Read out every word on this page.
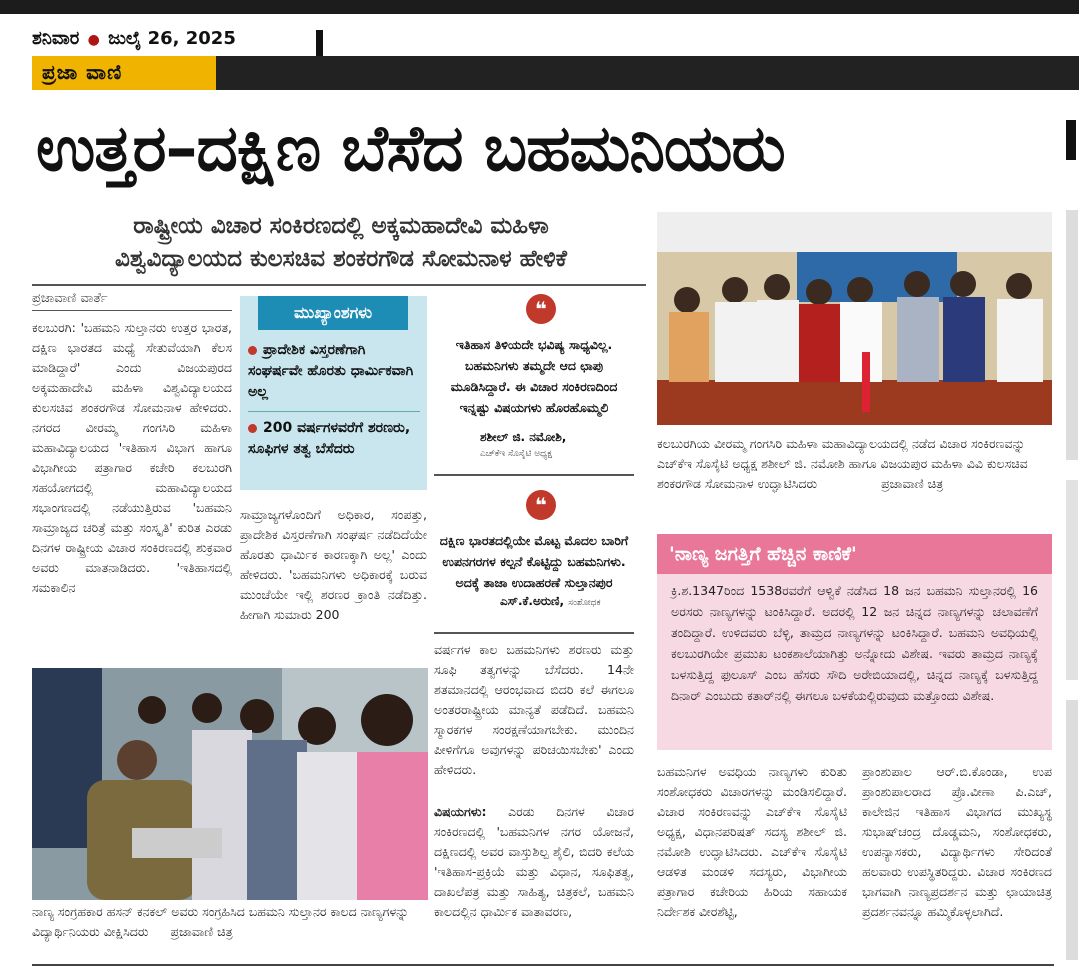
ಶನಿವಾರ ● ಜುಲೈ 26, 2025
ಪ್ರಜಾ ವಾಣಿ
ಉತ್ತರ–ದಕ್ಷಿಣ ಬೆಸೆದ ಬಹಮನಿಯರು
ರಾಷ್ಟ್ರೀಯ ವಿಚಾರ ಸಂಕಿರಣದಲ್ಲಿ ಅಕ್ಕಮಹಾದೇವಿ ಮಹಿಳಾ
ವಿಶ್ವವಿದ್ಯಾಲಯದ ಕುಲಸಚಿವ ಶಂಕರಗೌಡ ಸೋಮನಾಳ ಹೇಳಿಕೆ
ಪ್ರಜಾವಾಣಿ ವಾರ್ತೆ
ಕಲಬುರಗಿ: 'ಬಹಮನಿ ಸುಲ್ತಾನರು ಉತ್ತರ ಭಾರತ, ದಕ್ಷಿಣ ಭಾರತದ ಮಧ್ಯೆ ಸೇತುವೆಯಾಗಿ ಕೆಲಸ ಮಾಡಿದ್ದಾರೆ' ಎಂದು ವಿಜಯಪುರದ ಅಕ್ಕಮಹಾದೇವಿ ಮಹಿಳಾ ವಿಶ್ವವಿದ್ಯಾಲಯದ ಕುಲಸಚಿವ ಶಂಕರಗೌಡ ಸೋಮನಾಳ ಹೇಳಿದರು. ನಗರದ ವೀರಮ್ಮ ಗಂಗಸಿರಿ ಮಹಿಳಾ ಮಹಾವಿದ್ಯಾಲಯದ 'ಇತಿಹಾಸ ವಿಭಾಗ ಹಾಗೂ ವಿಭಾಗೀಯ ಪತ್ರಾಗಾರ ಕಚೇರಿ ಕಲಬುರಗಿ ಸಹಯೋಗದಲ್ಲಿ ಮಹಾವಿದ್ಯಾಲಯದ ಸಭಾಂಗಣದಲ್ಲಿ ನಡೆಯುತ್ತಿರುವ 'ಬಹಮನಿ ಸಾಮ್ರಾಜ್ಯದ ಚರಿತ್ರೆ ಮತ್ತು ಸಂಸ್ಕೃತಿ' ಕುರಿತ ಎರಡು ದಿನಗಳ ರಾಷ್ಟ್ರೀಯ ವಿಚಾರ ಸಂಕಿರಣದಲ್ಲಿ ಶುಕ್ರವಾರ ಅವರು ಮಾತನಾಡಿದರು. 'ಇತಿಹಾಸದಲ್ಲಿ ಸಮಕಾಲಿನ
ಮುಖ್ಯಾಂಶಗಳು
ಪ್ರಾದೇಶಿಕ ವಿಸ್ತರಣೆಗಾಗಿ ಸಂಘರ್ಷವೇ ಹೊರತು ಧಾರ್ಮಿಕವಾಗಿ ಅಲ್ಲ
200 ವರ್ಷಗಳವರೆಗೆ ಶರಣರು, ಸೂಫಿಗಳ ತತ್ವ ಬೆಸೆದರು
ಸಾಮ್ರಾಜ್ಯಗಳೊಂದಿಗೆ ಅಧಿಕಾರ, ಸಂಪತ್ತು, ಪ್ರಾದೇಶಿಕ ವಿಸ್ತರಣೆಗಾಗಿ ಸಂಘರ್ಷ ನಡೆದಿದೆಯೇ ಹೊರತು ಧಾರ್ಮಿಕ ಕಾರಣಕ್ಕಾಗಿ ಅಲ್ಲ' ಎಂದು ಹೇಳಿದರು. 'ಬಹಮನಿಗಳು ಅಧಿಕಾರಕ್ಕೆ ಬರುವ ಮುಂಚೆಯೇ ಇಲ್ಲಿ ಶರಣರ ಕ್ರಾಂತಿ ನಡೆದಿತ್ತು. ಹೀಗಾಗಿ ಸುಮಾರು 200
❝
ಇತಿಹಾಸ ತಿಳಿಯದೇ ಭವಿಷ್ಯ ಸಾಧ್ಯವಿಲ್ಲ. ಬಹಮನಿಗಳು ತಮ್ಮದೇ ಆದ ಛಾಪು ಮೂಡಿಸಿದ್ದಾರೆ. ಈ ವಿಚಾರ ಸಂಕಿರಣದಿಂದ ಇನ್ನಷ್ಟು ವಿಷಯಗಳು ಹೊರಹೊಮ್ಮಲಿ
ಶಶೀಲ್ ಜಿ. ನಮೋಶಿ,
ಎಚ್‌ಕೆಇ ಸೊಸೈಟಿ ಅಧ್ಯಕ್ಷ
❝
ದಕ್ಷಿಣ ಭಾರತದಲ್ಲಿಯೇ ಮೊಟ್ಟ ಮೊದಲ ಬಾರಿಗೆ ಉಪನಗರಗಳ ಕಲ್ಪನೆ ಕೊಟ್ಟಿದ್ದು ಬಹಮನಿಗಳು. ಅದಕ್ಕೆ ತಾಜಾ ಉದಾಹರಣೆ ಸುಲ್ತಾನಪುರ
ಎಸ್.ಕೆ.ಅರುಣಿ, ಸಂಶೋಧಕ
ವರ್ಷಗಳ ಕಾಲ ಬಹಮನಿಗಳು ಶರಣರು ಮತ್ತು ಸೂಫಿ ತತ್ವಗಳನ್ನು ಬೆಸೆದರು. 14ನೇ ಶತಮಾನದಲ್ಲಿ ಆರಂಭವಾದ ಬಿದರಿ ಕಲೆ ಈಗಲೂ ಅಂತರರಾಷ್ಟ್ರೀಯ ಮಾನ್ಯತೆ ಪಡೆದಿದೆ. ಬಹಮನಿ ಸ್ಮಾರಕಗಳ ಸಂರಕ್ಷಣೆಯಾಗಬೇಕು. ಮುಂದಿನ ಪೀಳಿಗೆಗೂ ಅವುಗಳನ್ನು ಪರಿಚಯಿಸಬೇಕು' ಎಂದು ಹೇಳಿದರು.
ವಿಷಯಗಳು: ಎರಡು ದಿನಗಳ ವಿಚಾರ ಸಂಕಿರಣದಲ್ಲಿ 'ಬಹಮನಿಗಳ ನಗರ ಯೋಜನೆ, ದಕ್ಷಿಣದಲ್ಲಿ ಅವರ ವಾಸ್ತುಶಿಲ್ಪ ಶೈಲಿ, ಬಿದರಿ ಕಲೆಯ 'ಇತಿಹಾಸ-ಪ್ರಕ್ರಿಯೆ ಮತ್ತು ವಿಧಾನ, ಸೂಫಿತತ್ವ, ದಾಖಲೆಪತ್ರ ಮತ್ತು ಸಾಹಿತ್ಯ, ಚಿತ್ರಕಲೆ, ಬಹಮನಿ ಕಾಲದಲ್ಲಿನ ಧಾರ್ಮಿಕ ವಾತಾವರಣ,
ನಾಣ್ಯ ಸಂಗ್ರಹಕಾರ ಹಸನ್ ಕನಕಲ್ ಅವರು ಸಂಗ್ರಹಿಸಿದ ಬಹಮನಿ ಸುಲ್ತಾನರ ಕಾಲದ ನಾಣ್ಯಗಳನ್ನು ವಿದ್ಯಾರ್ಥಿನಿಯರು ವೀಕ್ಷಿಸಿದರು ಪ್ರಜಾವಾಣಿ ಚಿತ್ರ
ಕಲಬುರಗಿಯ ವೀರಮ್ಮ ಗಂಗಸಿರಿ ಮಹಿಳಾ ಮಹಾವಿದ್ಯಾಲಯದಲ್ಲಿ ನಡೆದ ವಿಚಾರ ಸಂಕಿರಣವನ್ನು ಎಚ್‌ಕೆಇ ಸೊಸೈಟಿ ಅಧ್ಯಕ್ಷ ಶಶೀಲ್ ಜಿ. ನಮೋಶಿ ಹಾಗೂ ವಿಜಯಪುರ ಮಹಿಳಾ ವಿವಿ ಕುಲಸಚಿವ ಶಂಕರಗೌಡ ಸೋಮನಾಳ ಉದ್ಘಾಟಿಸಿದರು	ಪ್ರಜಾವಾಣಿ ಚಿತ್ರ
'ನಾಣ್ಯ ಜಗತ್ತಿಗೆ ಹೆಚ್ಚಿನ ಕಾಣಿಕೆ'
ಕ್ರಿ.ಶ.1347ರಿಂದ 1538ರವರೆಗೆ ಆಳ್ವಿಕೆ ನಡೆಸಿದ 18 ಜನ ಬಹಮನಿ ಸುಲ್ತಾನರಲ್ಲಿ 16 ಅರಸರು ನಾಣ್ಯಗಳನ್ನು ಟಂಕಿಸಿದ್ದಾರೆ. ಅದರಲ್ಲಿ 12 ಜನ ಚಿನ್ನದ ನಾಣ್ಯಗಳನ್ನು ಚಲಾವಣೆಗೆ ತಂದಿದ್ದಾರೆ. ಉಳಿದವರು ಬೆಳ್ಳಿ, ತಾಮ್ರದ ನಾಣ್ಯಗಳನ್ನು ಟಂಕಿಸಿದ್ದಾರೆ. ಬಹಮನಿ ಅವಧಿಯಲ್ಲಿ ಕಲಬುರಗಿಯೇ ಪ್ರಮುಖ ಟಂಕಶಾಲೆಯಾಗಿತ್ತು ಅನ್ನೋದು ವಿಶೇಷ. ಇವರು ತಾಮ್ರದ ನಾಣ್ಯಕ್ಕೆ ಬಳಸುತ್ತಿದ್ದ ಫುಲೂಸ್ ಎಂಬ ಹೆಸರು ಸೌದಿ ಅರೇಬಿಯಾದಲ್ಲಿ, ಚಿನ್ನದ ನಾಣ್ಯಕ್ಕೆ ಬಳಸುತ್ತಿದ್ದ ದಿನಾರ್ ಎಂಬುದು ಕತಾರ್‌ನಲ್ಲಿ ಈಗಲೂ ಬಳಕೆಯಲ್ಲಿರುವುದು ಮತ್ತೊಂದು ವಿಶೇಷ.
ಬಹಮನಿಗಳ ಅವಧಿಯ ನಾಣ್ಯಗಳು ಕುರಿತು ಸಂಶೋಧಕರು ವಿಚಾರಗಳನ್ನು ಮಂಡಿಸಲಿದ್ದಾರೆ. ವಿಚಾರ ಸಂಕಿರಣವನ್ನು ಎಚ್‌ಕೆಇ ಸೊಸೈಟಿ ಅಧ್ಯಕ್ಷ, ವಿಧಾನಪರಿಷತ್ ಸದಸ್ಯ ಶಶೀಲ್ ಜಿ. ನಮೋಶಿ ಉದ್ಘಾಟಿಸಿದರು. ಎಚ್‌ಕೆಇ ಸೊಸೈಟಿ ಆಡಳಿತ ಮಂಡಳಿ ಸದಸ್ಯರು, ವಿಭಾಗೀಯ ಪತ್ರಾಗಾರ ಕಚೇರಿಯ ಹಿರಿಯ ಸಹಾಯಕ ನಿರ್ದೇಶಕ ವೀರಶೆಟ್ಟಿ,
ಪ್ರಾಂಶುಪಾಲ ಆರ್.ಬಿ.ಕೊಂಡಾ, ಉಪ ಪ್ರಾಂಶುಪಾಲರಾದ ಪ್ರೊ.ವೀಣಾ ಪಿ.ಎಚ್, ಕಾಲೇಜಿನ ಇತಿಹಾಸ ವಿಭಾಗದ ಮುಖ್ಯಸ್ಥ ಸುಭಾಷ್‌ಚಂದ್ರ ದೊಡ್ಡಮನಿ, ಸಂಶೋಧಕರು, ಉಪನ್ಯಾಸಕರು, ವಿದ್ಯಾರ್ಥಿಗಳು ಸೇರಿದಂತೆ ಹಲವಾರು ಉಪಸ್ಥಿತರಿದ್ದರು. ವಿಚಾರ ಸಂಕಿರಣದ ಭಾಗವಾಗಿ ನಾಣ್ಯಪ್ರದರ್ಶನ ಮತ್ತು ಛಾಯಾಚಿತ್ರ ಪ್ರದರ್ಶನವನ್ನೂ ಹಮ್ಮಿಕೊಳ್ಳಲಾಗಿದೆ.
